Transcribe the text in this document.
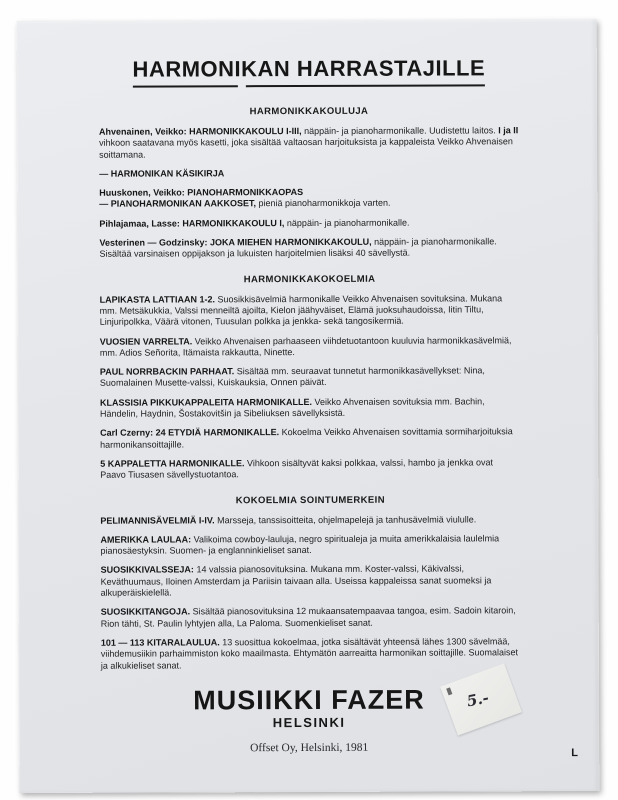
HARMONIKAN HARRASTAJILLE
HARMONIKKAKOULUJA

Ahvenainen, Veikko: HARMONIKKAKOULU I-III, näppäin- ja pianoharmonikalle. Uudistettu laitos. I ja II vihkoon saatavana myös kasetti, joka sisältää valtaosan harjoituksista ja kappaleista Veikko Ahvenaisen soittamana.

— HARMONIKAN KÄSIKIRJA

Huuskonen, Veikko: PIANOHARMONIKKAOPAS
— PIANOHARMONIKAN AAKKOSET, pieniä pianoharmonikkoja varten.

Pihlajamaa, Lasse: HARMONIKKAKOULU I, näppäin- ja pianoharmonikalle.

Vesterinen — Godzinsky: JOKA MIEHEN HARMONIKKAKOULU, näppäin- ja pianoharmonikalle. Sisältää varsinaisen oppijakson ja lukuisten harjoitelmien lisäksi 40 sävellystä.

HARMONIKKAKOKOELMIA

LAPIKASTA LATTIAAN 1-2. Suosikkisävelmiä harmonikalle Veikko Ahvenaisen sovituksina. Mukana mm. Metsäkukkia, Valssi menneiltä ajoilta, Kielon jäähyväiset, Elämä juoksuhaudoissa, Iitin Tiltu, Linjuripolkka, Väärä vitonen, Tuusulan polkka ja jenkka- sekä tangosikermiä.

VUOSIEN VARRELTA. Veikko Ahvenaisen parhaaseen viihdetuotantoon kuuluvia harmonikkasävelmiä, mm. Adios Señorita, Itämaista rakkautta, Ninette.

PAUL NORRBACKIN PARHAAT. Sisältää mm. seuraavat tunnetut harmonikkasävellykset: Nina, Suomalainen Musette-valssi, Kuiskauksia, Onnen päivät.

KLASSISIA PIKKUKAPPALEITA HARMONIKALLE. Veikko Ahvenaisen sovituksia mm. Bachin, Händelin, Haydnin, Šostakovitšin ja Sibeliuksen sävellyksistä.

Carl Czerny: 24 ETYDIÄ HARMONIKALLE. Kokoelma Veikko Ahvenaisen sovittamia sormiharjoituksia harmonikansoittajille.

5 KAPPALETTA HARMONIKALLE. Vihkoon sisältyvät kaksi polkkaa, valssi, hambo ja jenkka ovat Paavo Tiusasen sävellystuotantoa.

KOKOELMIA SOINTUMERKEIN

PELIMANNISÄVELMIÄ I-IV. Marsseja, tanssisoitteita, ohjelmapelejä ja tanhusävelmiä viululle.

AMERIKKA LAULAA: Valikoima cowboy-lauluja, negro spiritualeja ja muita amerikkalaisia laulelmia pianosäestyksin. Suomen- ja englanninkieliset sanat.

SUOSIKKIVALSSEJA: 14 valssia pianosovituksina. Mukana mm. Koster-valssi, Käkivalssi, Keväthuumaus, Iloinen Amsterdam ja Pariisin taivaan alla. Useissa kappaleissa sanat suomeksi ja alkuperäiskielellä.

SUOSIKKITANGOJA. Sisältää pianosovituksina 12 mukaansatempaavaa tangoa, esim. Sadoin kitaroin, Rion tähti, St. Paulin lyhtyjen alla, La Paloma. Suomenkieliset sanat.

101 — 113 KITARALAULUA. 13 suosittua kokoelmaa, jotka sisältävät yhteensä lähes 1300 sävelmää, viihdemusiikin parhaimmiston koko maailmasta. Ehtymätön aarreaitta harmonikan soittajille. Suomalaiset ja alkukieliset sanat.

MUSIIKKI FAZER
HELSINKI
Offset Oy, Helsinki, 1981
5.-
L
